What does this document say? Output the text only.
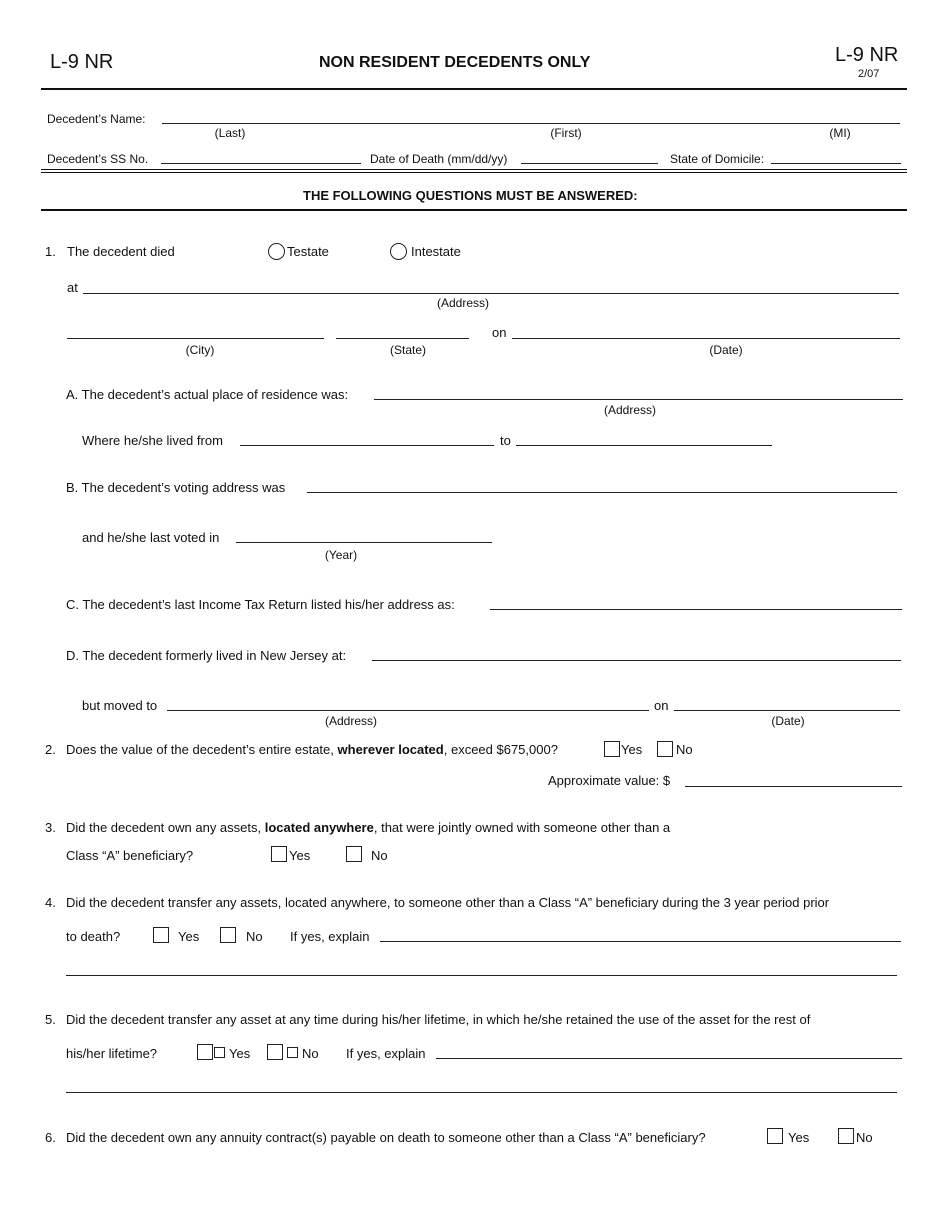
L-9 NR	NON RESIDENT DECEDENTS ONLY	L-9 NR
2/07
Decedent’s Name:
(Last)	(First)	(MI)
Decedent’s SS No.	Date of Death (mm/dd/yy)	State of Domicile:
THE FOLLOWING QUESTIONS MUST BE ANSWERED:
1. The decedent died	Testate	Intestate
at
(Address)
on
(City)	(State)	(Date)
A. The decedent’s actual place of residence was:
(Address)
Where he/she lived from	to
B. The decedent’s voting address was
and he/she last voted in
(Year)
C. The decedent’s last Income Tax Return listed his/her address as:
D. The decedent formerly lived in New Jersey at:
but moved to	on
(Address)	(Date)
2. Does the value of the decedent’s entire estate, wherever located, exceed $675,000?	Yes	No
Approximate value: $
3. Did the decedent own any assets, located anywhere, that were jointly owned with someone other than a
Class “A” beneficiary?	Yes	No
4. Did the decedent transfer any assets, located anywhere, to someone other than a Class “A” beneficiary during the 3 year period prior
to death?	Yes	No If yes, explain
5. Did the decedent transfer any asset at any time during his/her lifetime, in which he/she retained the use of the asset for the rest of
his/her lifetime?	Yes	No If yes, explain
6. Did the decedent own any annuity contract(s) payable on death to someone other than a Class “A” beneficiary?	Yes	No
